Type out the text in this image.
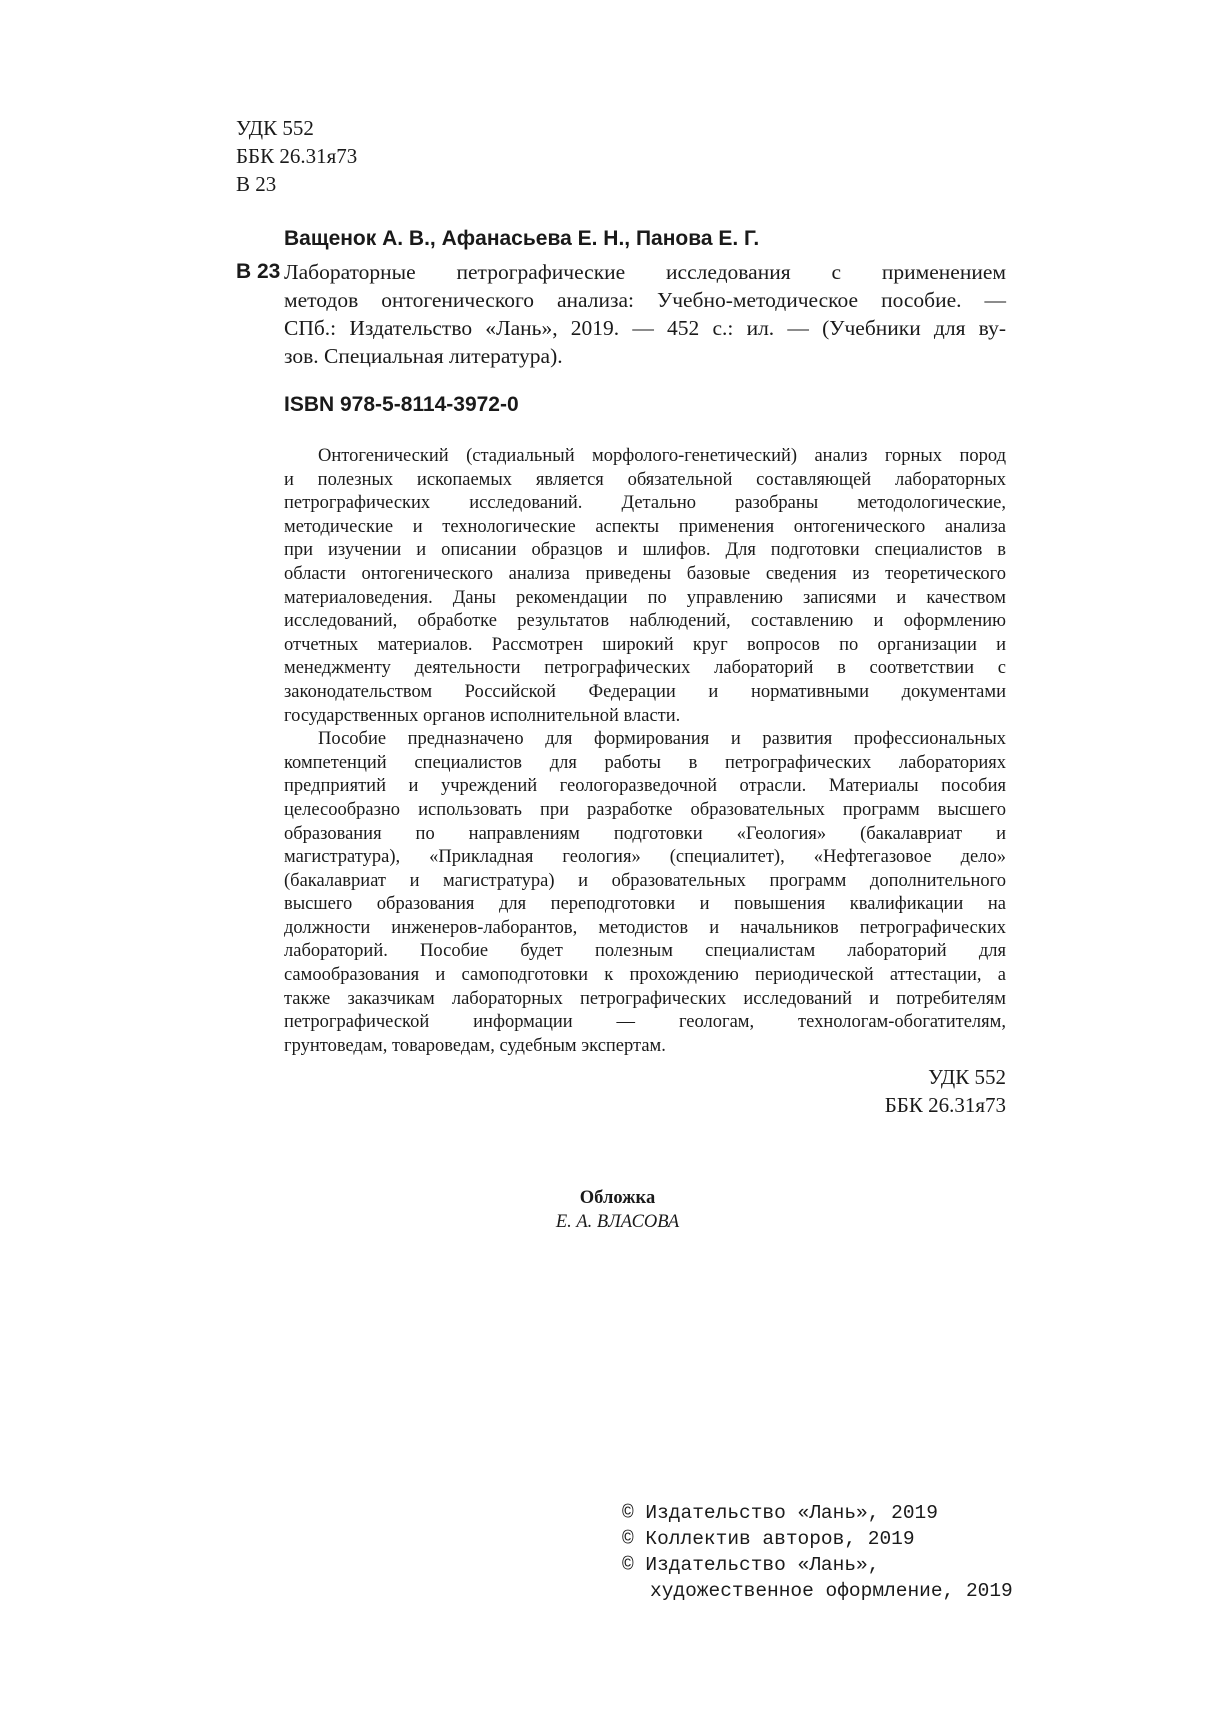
УДК 552
ББК 26.31я73
В 23
Ващенок А. В., Афанасьева Е. Н., Панова Е. Г.
В 23 Лабораторные петрографические исследования с применением
методов онтогенического анализа: Учебно-методическое пособие. —
СПб.: Издательство «Лань», 2019. — 452 с.: ил. — (Учебники для ву-
зов. Специальная литература).
ISBN 978-5-8114-3972-0
Онтогенический (стадиальный морфолого-генетический) анализ горных пород
и полезных ископаемых является обязательной составляющей лабораторных
петрографических исследований. Детально разобраны методологические,
методические и технологические аспекты применения онтогенического анализа
при изучении и описании образцов и шлифов. Для подготовки специалистов в
области онтогенического анализа приведены базовые сведения из теоретического
материаловедения. Даны рекомендации по управлению записями и качеством
исследований, обработке результатов наблюдений, составлению и оформлению
отчетных материалов. Рассмотрен широкий круг вопросов по организации и
менеджменту деятельности петрографических лабораторий в соответствии с
законодательством Российской Федерации и нормативными документами
государственных органов исполнительной власти.
Пособие предназначено для формирования и развития профессиональных
компетенций специалистов для работы в петрографических лабораториях
предприятий и учреждений геологоразведочной отрасли. Материалы пособия
целесообразно использовать при разработке образовательных программ высшего
образования по направлениям подготовки «Геология» (бакалавриат и
магистратура), «Прикладная геология» (специалитет), «Нефтегазовое дело»
(бакалавриат и магистратура) и образовательных программ дополнительного
высшего образования для переподготовки и повышения квалификации на
должности инженеров-лаборантов, методистов и начальников петрографических
лабораторий. Пособие будет полезным специалистам лабораторий для
самообразования и самоподготовки к прохождению периодической аттестации, а
также заказчикам лабораторных петрографических исследований и потребителям
петрографической информации — геологам, технологам-обогатителям,
грунтоведам, товароведам, судебным экспертам.
УДК 552
ББК 26.31я73
Обложка
Е. А. ВЛАСОВА
© Издательство «Лань», 2019
© Коллектив авторов, 2019
© Издательство «Лань»,
художественное оформление, 2019
